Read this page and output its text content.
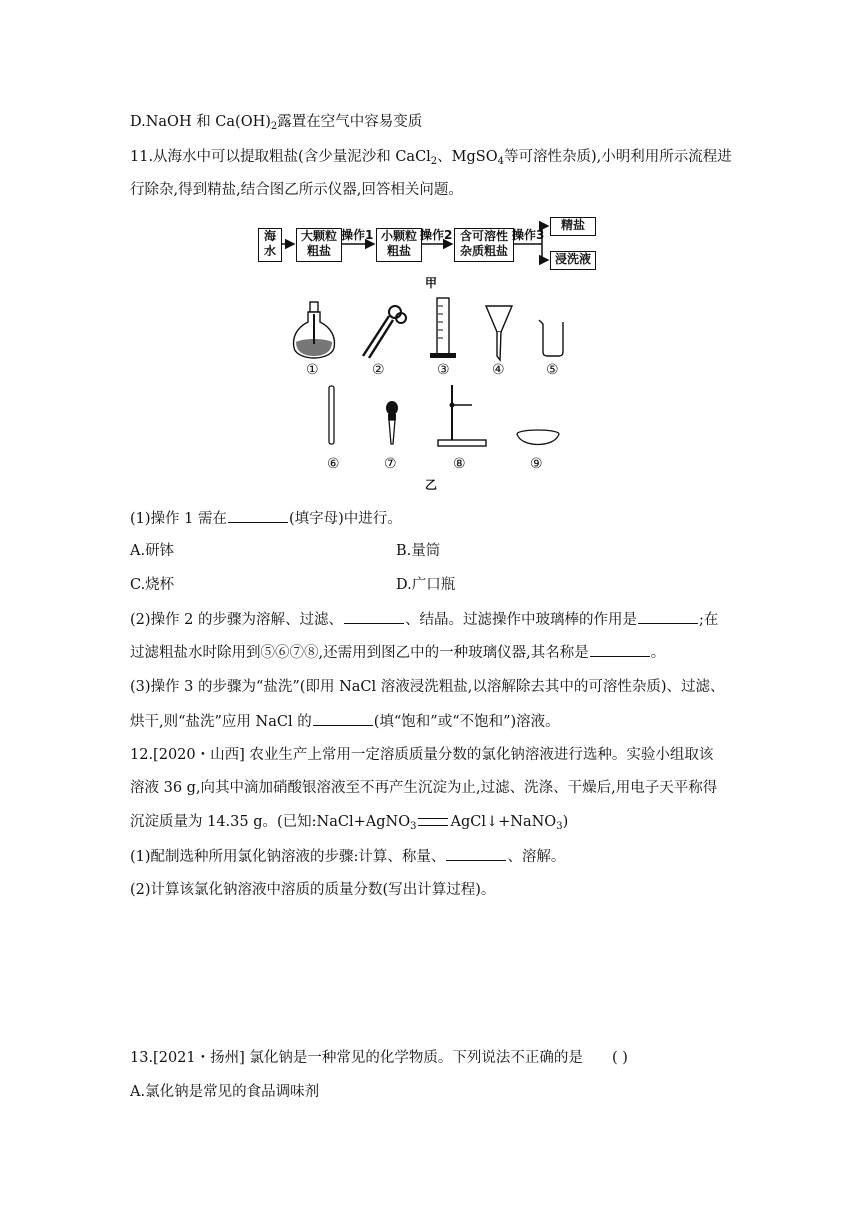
D.NaOH 和 $Ca(OH)_2$露置在空气中容易变质
11.从海水中可以提取粗盐(含少量泥沙和 CaCl$_2$、MgSO$_4$等可溶性杂质),小明利用所示流程进
行除杂,得到精盐,结合图乙所示仪器,回答相关问题。
海
水
大颗粒
粗盐
小颗粒
粗盐
含可溶性
杂质粗盐
精盐
浸洗液
操作1	操作2	操作3
甲
①	②	③	④	⑤
⑥	⑦	⑧	⑨
乙
(1)操作 1 需在	(填字母)中进行。
A.研钵	B.量筒
C.烧杯	D.广口瓶
(2)操作 2 的步骤为溶解、过滤、	、结晶。过滤操作中玻璃棒的作用是	;在
过滤粗盐水时除用到⑤⑥⑦⑧,还需用到图乙中的一种玻璃仪器,其名称是	。
(3)操作 3 的步骤为“盐洗”(即用 NaCl 溶液浸洗粗盐,以溶解除去其中的可溶性杂质)、过滤、
烘干,则“盐洗”应用 NaCl 的	(填“饱和”或“不饱和”)溶液。
12.[2020・山西] 农业生产上常用一定溶质质量分数的氯化钠溶液进行选种。实验小组取该
溶液 36 g,向其中滴加硝酸银溶液至不再产生沉淀为止,过滤、洗涤、干燥后,用电子天平称得
沉淀质量为 14.35 g。(已知:NaCl+AgNO$_3$ AgCl↓+NaNO$_3$)
(1)配制选种所用氯化钠溶液的步骤:计算、称量、	、溶解。
(2)计算该氯化钠溶液中溶质的质量分数(写出计算过程)。
13.[2021・扬州] 氯化钠是一种常见的化学物质。下列说法不正确的是 ( )
A.氯化钠是常见的食品调味剂
